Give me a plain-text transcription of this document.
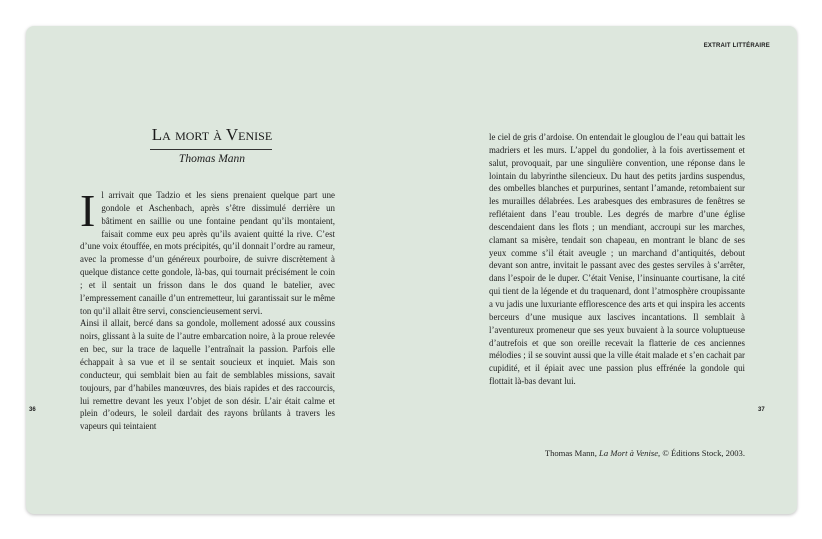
EXTRAIT LITTÉRAIRE
La mort à Venise
Thomas Mann

Il arrivait que Tadzio et les siens prenaient quelque part une gondole et Aschenbach, après s’être dissimulé derrière un bâtiment en saillie ou une fontaine pendant qu’ils montaient, faisait comme eux peu après qu’ils avaient quitté la rive. C’est d’une voix étouffée, en mots précipités, qu’il donnait l’ordre au rameur, avec la promesse d’un généreux pourboire, de suivre discrètement à quelque distance cette gondole, là-bas, qui tournait précisément le coin ; et il sentait un frisson dans le dos quand le batelier, avec l’empressement canaille d’un entremetteur, lui garantissait sur le même ton qu’il allait être servi, consciencieusement servi.

Ainsi il allait, bercé dans sa gondole, mollement adossé aux coussins noirs, glissant à la suite de l’autre embarcation noire, à la proue relevée en bec, sur la trace de laquelle l’entraînait la passion. Parfois elle échappait à sa vue et il se sentait soucieux et inquiet. Mais son conducteur, qui semblait bien au fait de semblables missions, savait toujours, par d’habiles manœuvres, des biais rapides et des raccourcis, lui remettre devant les yeux l’objet de son désir. L’air était calme et plein d’odeurs, le soleil dardait des rayons brûlants à travers les vapeurs qui teintaient

le ciel de gris d’ardoise. On entendait le glouglou de l’eau qui battait les madriers et les murs. L’appel du gondolier, à la fois avertissement et salut, provoquait, par une singulière convention, une réponse dans le lointain du labyrinthe silencieux. Du haut des petits jardins suspendus, des ombelles blanches et purpurines, sentant l’amande, retombaient sur les murailles délabrées. Les arabesques des embrasures de fenêtres se reflétaient dans l’eau trouble. Les degrés de marbre d’une église descendaient dans les flots ; un mendiant, accroupi sur les marches, clamant sa misère, tendait son chapeau, en montrant le blanc de ses yeux comme s’il était aveugle ; un marchand d’antiquités, debout devant son antre, invitait le passant avec des gestes serviles à s’arrêter, dans l’espoir de le duper. C’était Venise, l’insinuante courtisane, la cité qui tient de la légende et du traquenard, dont l’atmosphère croupissante a vu jadis une luxuriante efflorescence des arts et qui inspira les accents berceurs d’une musique aux lascives incantations. Il semblait à l’aventureux promeneur que ses yeux buvaient à la source voluptueuse d’autrefois et que son oreille recevait la flatterie de ces anciennes mélodies ; il se souvint aussi que la ville était malade et s’en cachait par cupidité, et il épiait avec une passion plus effrénée la gondole qui flottait là-bas devant lui.

Thomas Mann, La Mort à Venise, © Éditions Stock, 2003.
36	37
